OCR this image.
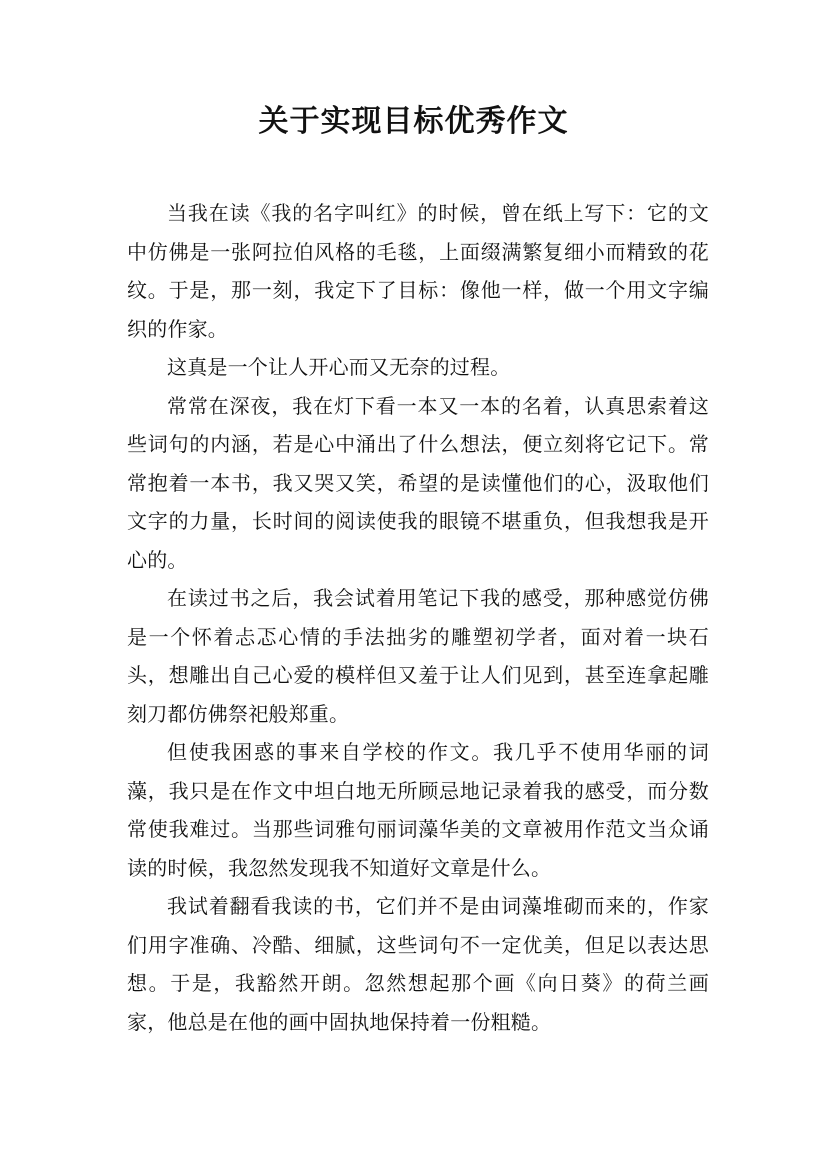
关于实现目标优秀作文

当我在读《我的名字叫红》的时候，曾在纸上写下：它的文中仿佛是一张阿拉伯风格的毛毯，上面缀满繁复细小而精致的花纹。于是，那一刻，我定下了目标：像他一样，做一个用文字编织的作家。

这真是一个让人开心而又无奈的过程。

常常在深夜，我在灯下看一本又一本的名着，认真思索着这些词句的内涵，若是心中涌出了什么想法，便立刻将它记下。常常抱着一本书，我又哭又笑，希望的是读懂他们的心，汲取他们文字的力量，长时间的阅读使我的眼镜不堪重负，但我想我是开心的。

在读过书之后，我会试着用笔记下我的感受，那种感觉仿佛是一个怀着忐忑心情的手法拙劣的雕塑初学者，面对着一块石头，想雕出自己心爱的模样但又羞于让人们见到，甚至连拿起雕刻刀都仿佛祭祀般郑重。

但使我困惑的事来自学校的作文。我几乎不使用华丽的词藻，我只是在作文中坦白地无所顾忌地记录着我的感受，而分数常使我难过。当那些词雅句丽词藻华美的文章被用作范文当众诵读的时候，我忽然发现我不知道好文章是什么。

我试着翻看我读的书，它们并不是由词藻堆砌而来的，作家们用字准确、冷酷、细腻，这些词句不一定优美，但足以表达思想。于是，我豁然开朗。忽然想起那个画《向日葵》的荷兰画家，他总是在他的画中固执地保持着一份粗糙。
